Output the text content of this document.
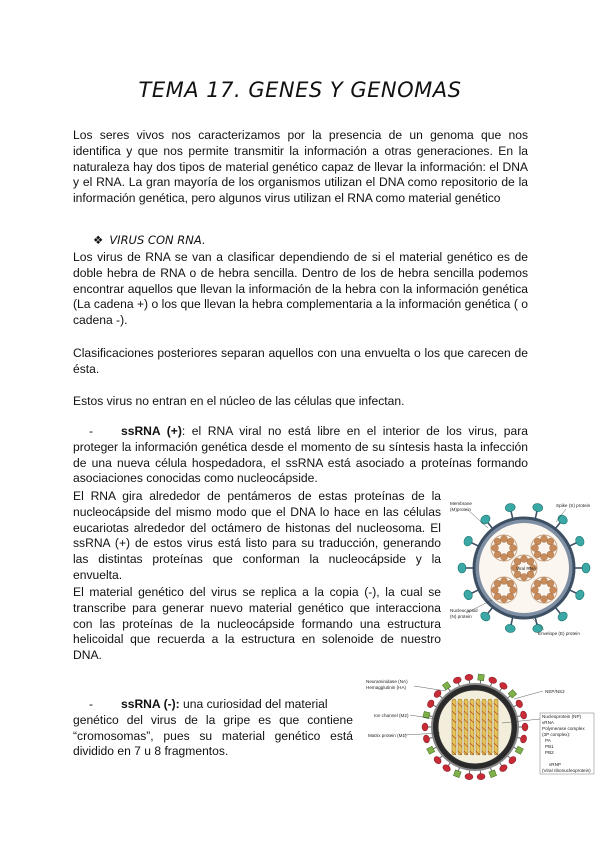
TEMA 17. GENES Y GENOMAS

Los seres vivos nos caracterizamos por la presencia de un genoma que nos identifica y que nos permite transmitir la información a otras generaciones. En la naturaleza hay dos tipos de material genético capaz de llevar la información: el DNA y el RNA. La gran mayoría de los organismos utilizan el DNA como repositorio de la información genética, pero algunos virus utilizan el RNA como material genético

❖ VIRUS CON RNA.

Los virus de RNA se van a clasificar dependiendo de si el material genético es de doble hebra de RNA o de hebra sencilla. Dentro de los de hebra sencilla podemos encontrar aquellos que llevan la información de la hebra con la información genética (La cadena +) o los que llevan la hebra complementaria a la información genética ( o cadena -).

Clasificaciones posteriores separan aquellos con una envuelta o los que carecen de ésta.

Estos virus no entran en el núcleo de las células que infectan.

- ssRNA (+): el RNA viral no está libre en el interior de los virus, para proteger la información genética desde el momento de su síntesis hasta la infección de una nueva célula hospedadora, el ssRNA está asociado a proteínas formando asociaciones conocidas como nucleocápside.

El RNA gira alrededor de pentámeros de estas proteínas de la nucleocápside del mismo modo que el DNA lo hace en las células eucariotas alrededor del octámero de histonas del nucleosoma. El ssRNA (+) de estos virus está listo para su traducción, generando las distintas proteínas que conforman la nucleocápside y la envuelta.

El material genético del virus se replica a la copia (-), la cual se transcribe para generar nuevo material genético que interacciona con las proteínas de la nucleocápside formando una estructura helicoidal que recuerda a la estructura en solenoide de nuestro DNA.

- ssRNA (-): una curiosidad del material
genético del virus de la gripe es que contiene “cromosomas”, pues su material genético está dividido en 7 u 8 fragmentos.

Viral RNA
Membrane
(M)protein
Spike (S) protein
Nucleocapsid
(N) protein
Envelope (E) protein
Neuraminidase (NA)
Hemagglutinin (HA)
Ion channel (M2)
Matrix protein (M1)
NEP/NS2
Nucleoprotein (NP)
vRNA
Polymerase complex
(3P complex):
PA
PB1
PB2
vRNP
(Viral ribonucleoprotein)
